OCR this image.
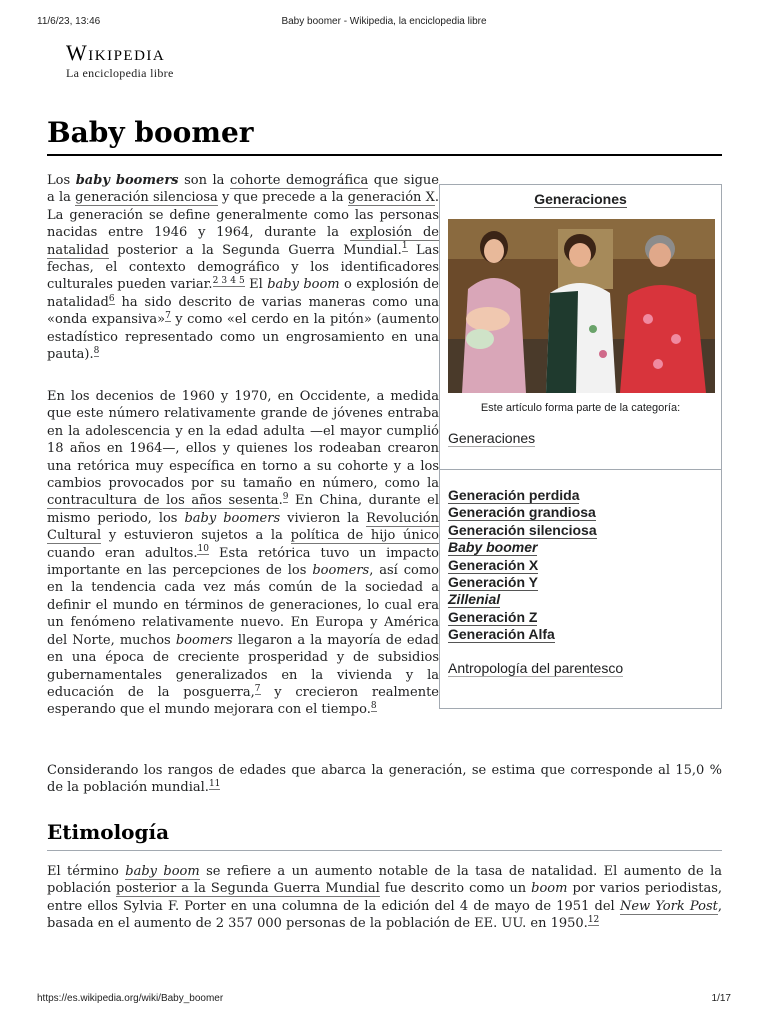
11/6/23, 13:46	Baby boomer - Wikipedia, la enciclopedia libre
Wikipedia
La enciclopedia libre
Baby boomer

Los baby boomers son la cohorte demográfica que sigue a la generación silenciosa y que precede a la generación X. La generación se define generalmente como las personas nacidas entre 1946 y 1964, durante la explosión de natalidad posterior a la Segunda Guerra Mundial.$^1$ Las fechas, el contexto demográfico y los identificadores culturales pueden variar.$^{2 3 4 5}$ El baby boom o explosión de natalidad$^6$ ha sido descrito de varias maneras como una «onda expansiva»$^7$ y como «el cerdo en la pitón» (aumento estadístico representado como un engrosamiento en una pauta).$^8$

En los decenios de 1960 y 1970, en Occidente, a medida que este número relativamente grande de jóvenes entraba en la adolescencia y en la edad adulta —el mayor cumplió 18 años en 1964—, ellos y quienes los rodeaban crearon una retórica muy específica en torno a su cohorte y a los cambios provocados por su tamaño en número, como la contracultura de los años sesenta.$^9$ En China, durante el mismo periodo, los baby boomers vivieron la Revolución Cultural y estuvieron sujetos a la política de hijo único cuando eran adultos.$^{10}$ Esta retórica tuvo un impacto importante en las percepciones de los boomers, así como en la tendencia cada vez más común de la sociedad a definir el mundo en términos de generaciones, lo cual era un fenómeno relativamente nuevo. En Europa y América del Norte, muchos boomers llegaron a la mayoría de edad en una época de creciente prosperidad y de subsidios gubernamentales generalizados en la vivienda y la educación de la posguerra,$^7$ y crecieron realmente esperando que el mundo mejorara con el tiempo.$^8$

Considerando los rangos de edades que abarca la generación, se estima que corresponde al 15,0 % de la población mundial.$^{11}$

Etimología

El término baby boom se refiere a un aumento notable de la tasa de natalidad. El aumento de la población posterior a la Segunda Guerra Mundial fue descrito como un boom por varios periodistas, entre ellos Sylvia F. Porter en una columna de la edición del 4 de mayo de 1951 del New York Post, basada en el aumento de 2 357 000 personas de la población de EE. UU. en 1950.12

Generaciones
Este artículo forma parte de la categoría:
Generaciones
Generación perdida
Generación grandiosa
Generación silenciosa
Baby boomer
Generación X
Generación Y
Zillenial
Generación Z
Generación Alfa
Antropología del parentesco
https://es.wikipedia.org/wiki/Baby_boomer	1/17
